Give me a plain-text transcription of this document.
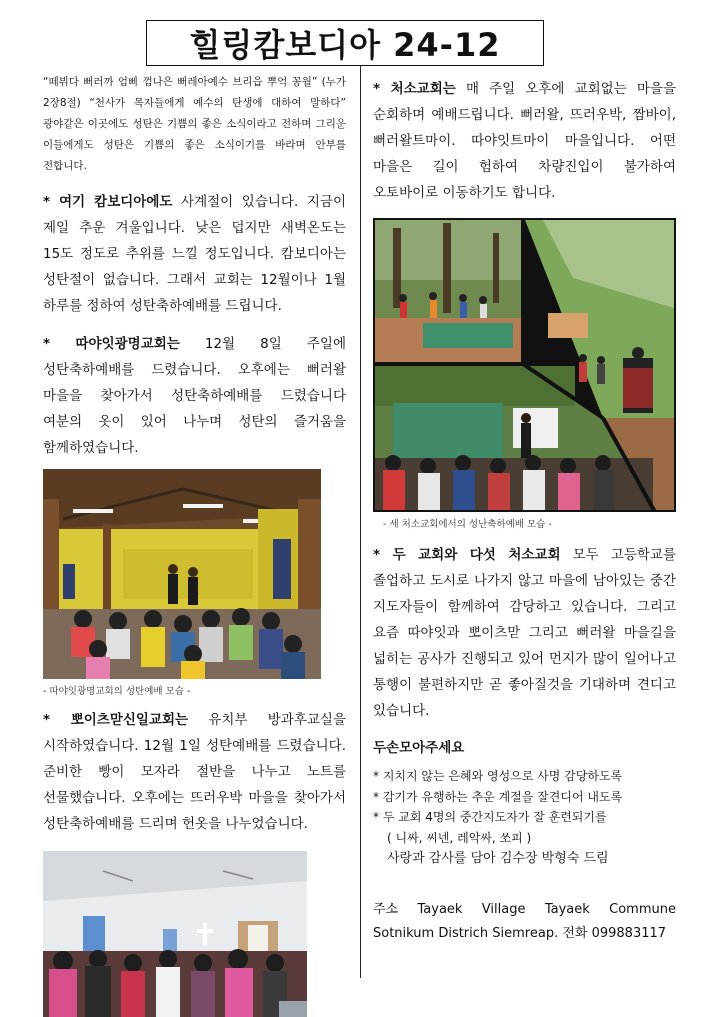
힐링캄보디아 24-12

“떼뷔다 뻐러까 엄삐 껌나은 뻐레아예수 브리읍 뿌억 꽁월” (누가 2장8절) “천사가 목자들에게 예수의 탄생에 대하여 말하다” 광야같은 이곳에도 성탄은 기쁨의 좋은 소식이라고 전하며 그리운 이들에게도 성탄은 기쁨의 좋은 소식이기를 바라며 안부를 전합니다.

* 여기 캄보디아에도 사계절이 있습니다. 지금이 제일 추운 겨울입니다. 낮은 덥지만 새벽온도는 15도 정도로 추위를 느낄 정도입니다. 캄보디아는 성탄절이 없습니다. 그래서 교회는 12월이나 1월 하루를 정하여 성탄축하예배를 드립니다.

* 따야잇광명교회는 12월 8일 주일에 성탄축하예배를 드렸습니다. 오후에는 뻐러왈 마을을 찾아가서 성탄축하예배를 드렸습니다 여분의 옷이 있어 나누며 성탄의 즐거움을 함께하였습니다.

- 따야잇광명교회의 성탄예배 모습 -

* 뽀이츠맏신일교회는 유치부 방과후교실을 시작하였습니다. 12월 1일 성탄예배를 드렸습니다. 준비한 빵이 모자라 절반을 나누고 노트를 선물했습니다. 오후에는 뜨러우박 마을을 찾아가서 성탄축하예배를 드리며 헌옷을 나누었습니다.

* 처소교회는 매 주일 오후에 교회없는 마을을 순회하며 예배드립니다. 뻐러왈, 뜨러우박, 짬바이, 뻐러왈트마이. 따야잇트마이 마을입니다. 어떤 마을은 길이 험하여 차량진입이 불가하여 오토바이로 이동하기도 합니다.

- 세 처소교회에서의 성난축하예배 모습 -

* 두 교회와 다섯 처소교회 모두 고등학교를 졸업하고 도시로 나가지 않고 마을에 남아있는 중간 지도자들이 함께하여 감당하고 있습니다. 그리고 요즘 따야잇과 뽀이츠맏 그리고 뻐러왈 마을길을 넓히는 공사가 진행되고 있어 먼지가 많이 일어나고 통행이 불편하지만 곧 좋아질것을 기대하며 견디고 있습니다.

두손모아주세요

* 지치지 않는 은혜와 영성으로 사명 감당하도록

* 감기가 유행하는 추운 계절을 잘견디어 내도록

* 두 교회 4명의 중간지도자가 잘 훈련되기를

( 니싸, 씨넨, 레악싸, 쏘피 )

사랑과 감사를 담아 김수장 박형숙 드림

주소 Tayaek Village Tayaek Commune Sotnikum Districh Siemreap. 전화 099883117
